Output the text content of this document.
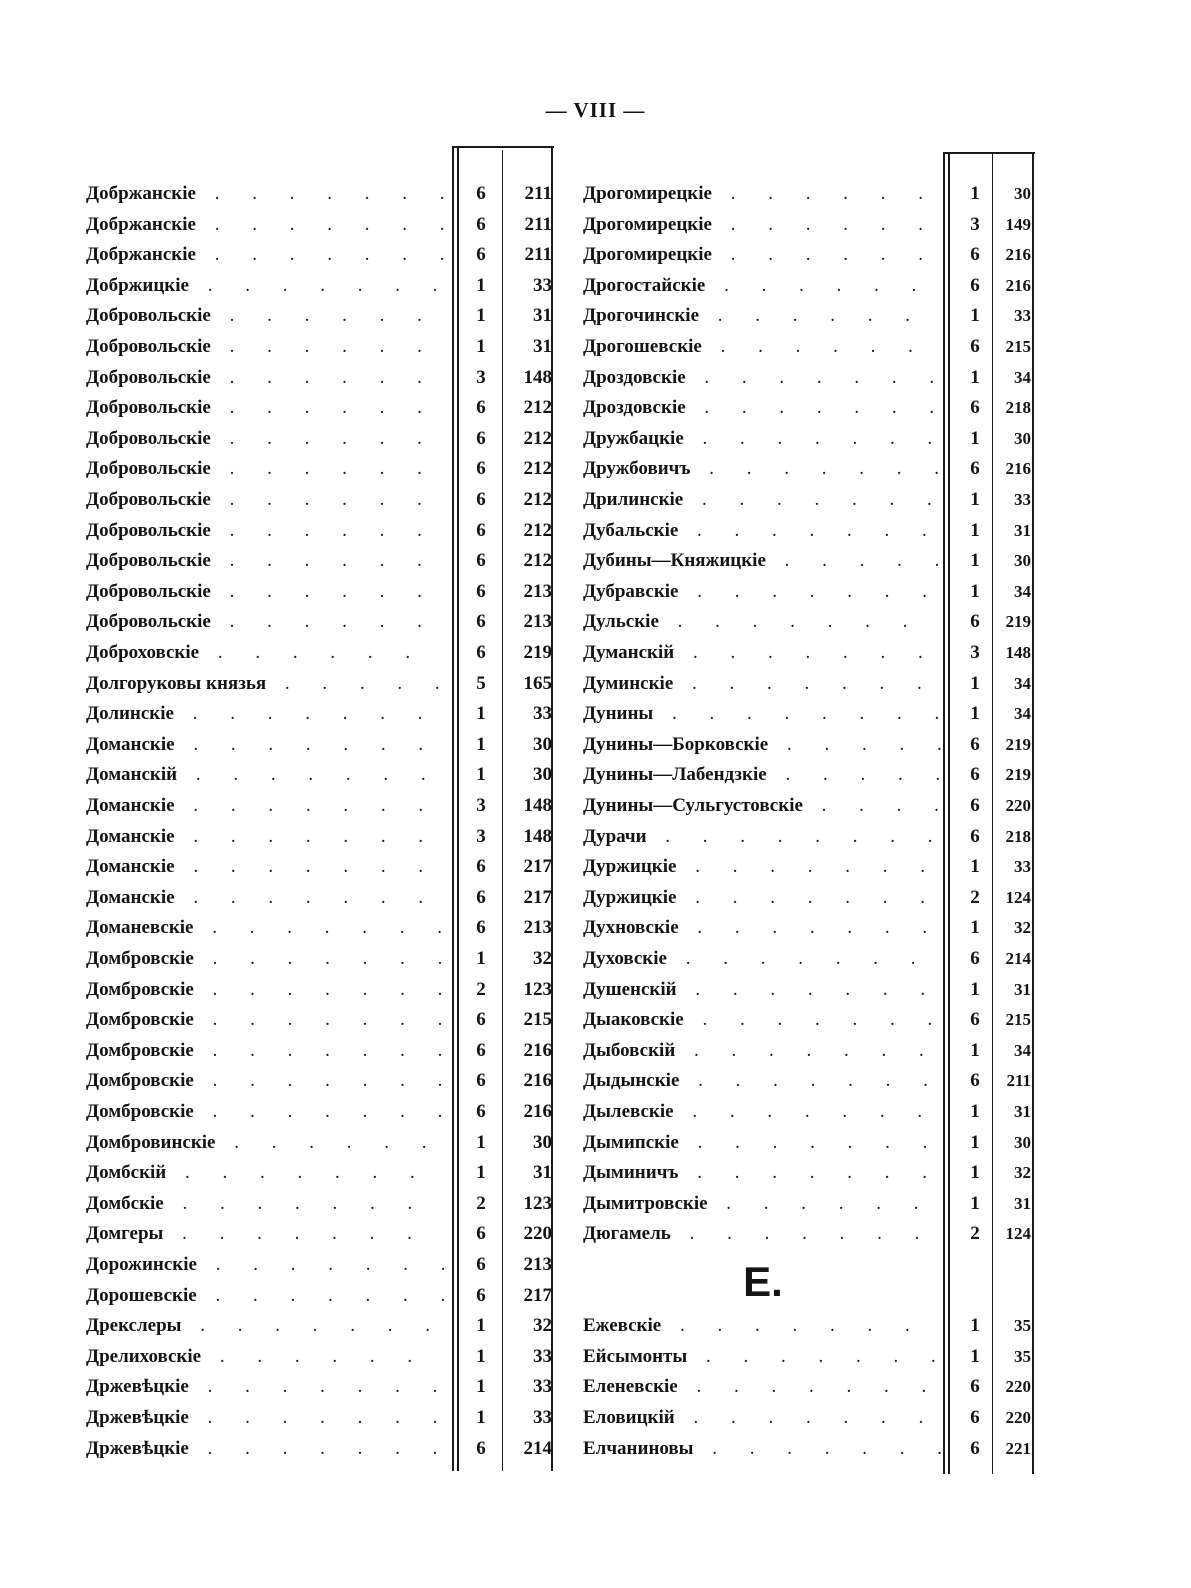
— VIII —
Добржанскіе . .	6	211
Добржанскіе . .	6	211
Добржанскіе . .	6	211
Добржицкіе . .	1	33
Добровольскіе . .	1	31
Добровольскіе . .	1	31
Добровольскіе . .	3	148
Добровольскіе . .	6	212
Добровольскіе . .	6	212
Добровольскіе . .	6	212
Добровольскіе . .	6	212
Добровольскіе . .	6	212
Добровольскіе . .	6	212
Добровольскіе . .	6	213
Добровольскіе . .	6	213
Доброховскіе . .	6	219
Долгоруковы князья . .	5	165
Долинскіе . .	1	33
Доманскіе . .	1	30
Доманскій . .	1	30
Доманскіе . .	3	148
Доманскіе . .	3	148
Доманскіе . .	6	217
Доманскіе . .	6	217
Доманевскіе . .	6	213
Домбровскіе . .	1	32
Домбровскіе . .	2	123
Домбровскіе . .	6	215
Домбровскіе . .	6	216
Домбровскіе . .	6	216
Домбровскіе . .	6	216
Домбровинскіе . .	1	30
Домбскій . .	1	31
Домбскіе . .	2	123
Домгеры . .	6	220
Дорожинскіе . .	6	213
Дорошевскіе . .	6	217
Дрекслеры . .	1	32
Дрелиховскіе . .	1	33
Држевѣцкіе . .	1	33
Држевѣцкіе . .	1	33
Држевѣцкіе . .	6	214
Дрогомирецкіе . .	1	30
Дрогомирецкіе . .	3	149
Дрогомирецкіе . .	6	216
Дрогостайскіе . .	6	216
Дрогочинскіе . .	1	33
Дрогошевскіе . .	6	215
Дроздовскіе . .	1	34
Дроздовскіе . .	6	218
Дружбацкіе . .	1	30
Дружбовичъ . .	6	216
Дрилинскіе . .	1	33
Дубальскіе . .	1	31
Дубины—Княжицкіе . .	1	30
Дубравскіе . .	1	34
Дульскіе . .	6	219
Думанскій . .	3	148
Думинскіе . .	1	34
Дунины . .	1	34
Дунины—Борковскіе . .	6	219
Дунины—Лабендзкіе . .	6	219
Дунины—Сульгустовскіе . .	6	220
Дурачи . .	6	218
Дуржицкіе . .	1	33
Дуржицкіе . .	2	124
Духновскіе . .	1	32
Духовскіе . .	6	214
Душенскій . .	1	31
Дыаковскіе . .	6	215
Дыбовскій . .	1	34
Дыдынскіе . .	6	211
Дылевскіе . .	1	31
Дымипскіе . .	1	30
Дыминичъ . .	1	32
Дымитровскіе . .	1	31
Дюгамель . .	2	124
Е.
Ежевскіе . .	1	35
Ейсымонты . .	1	35
Еленевскіе . .	6	220
Еловицкій . .	6	220
Елчаниновы . .	6	221
